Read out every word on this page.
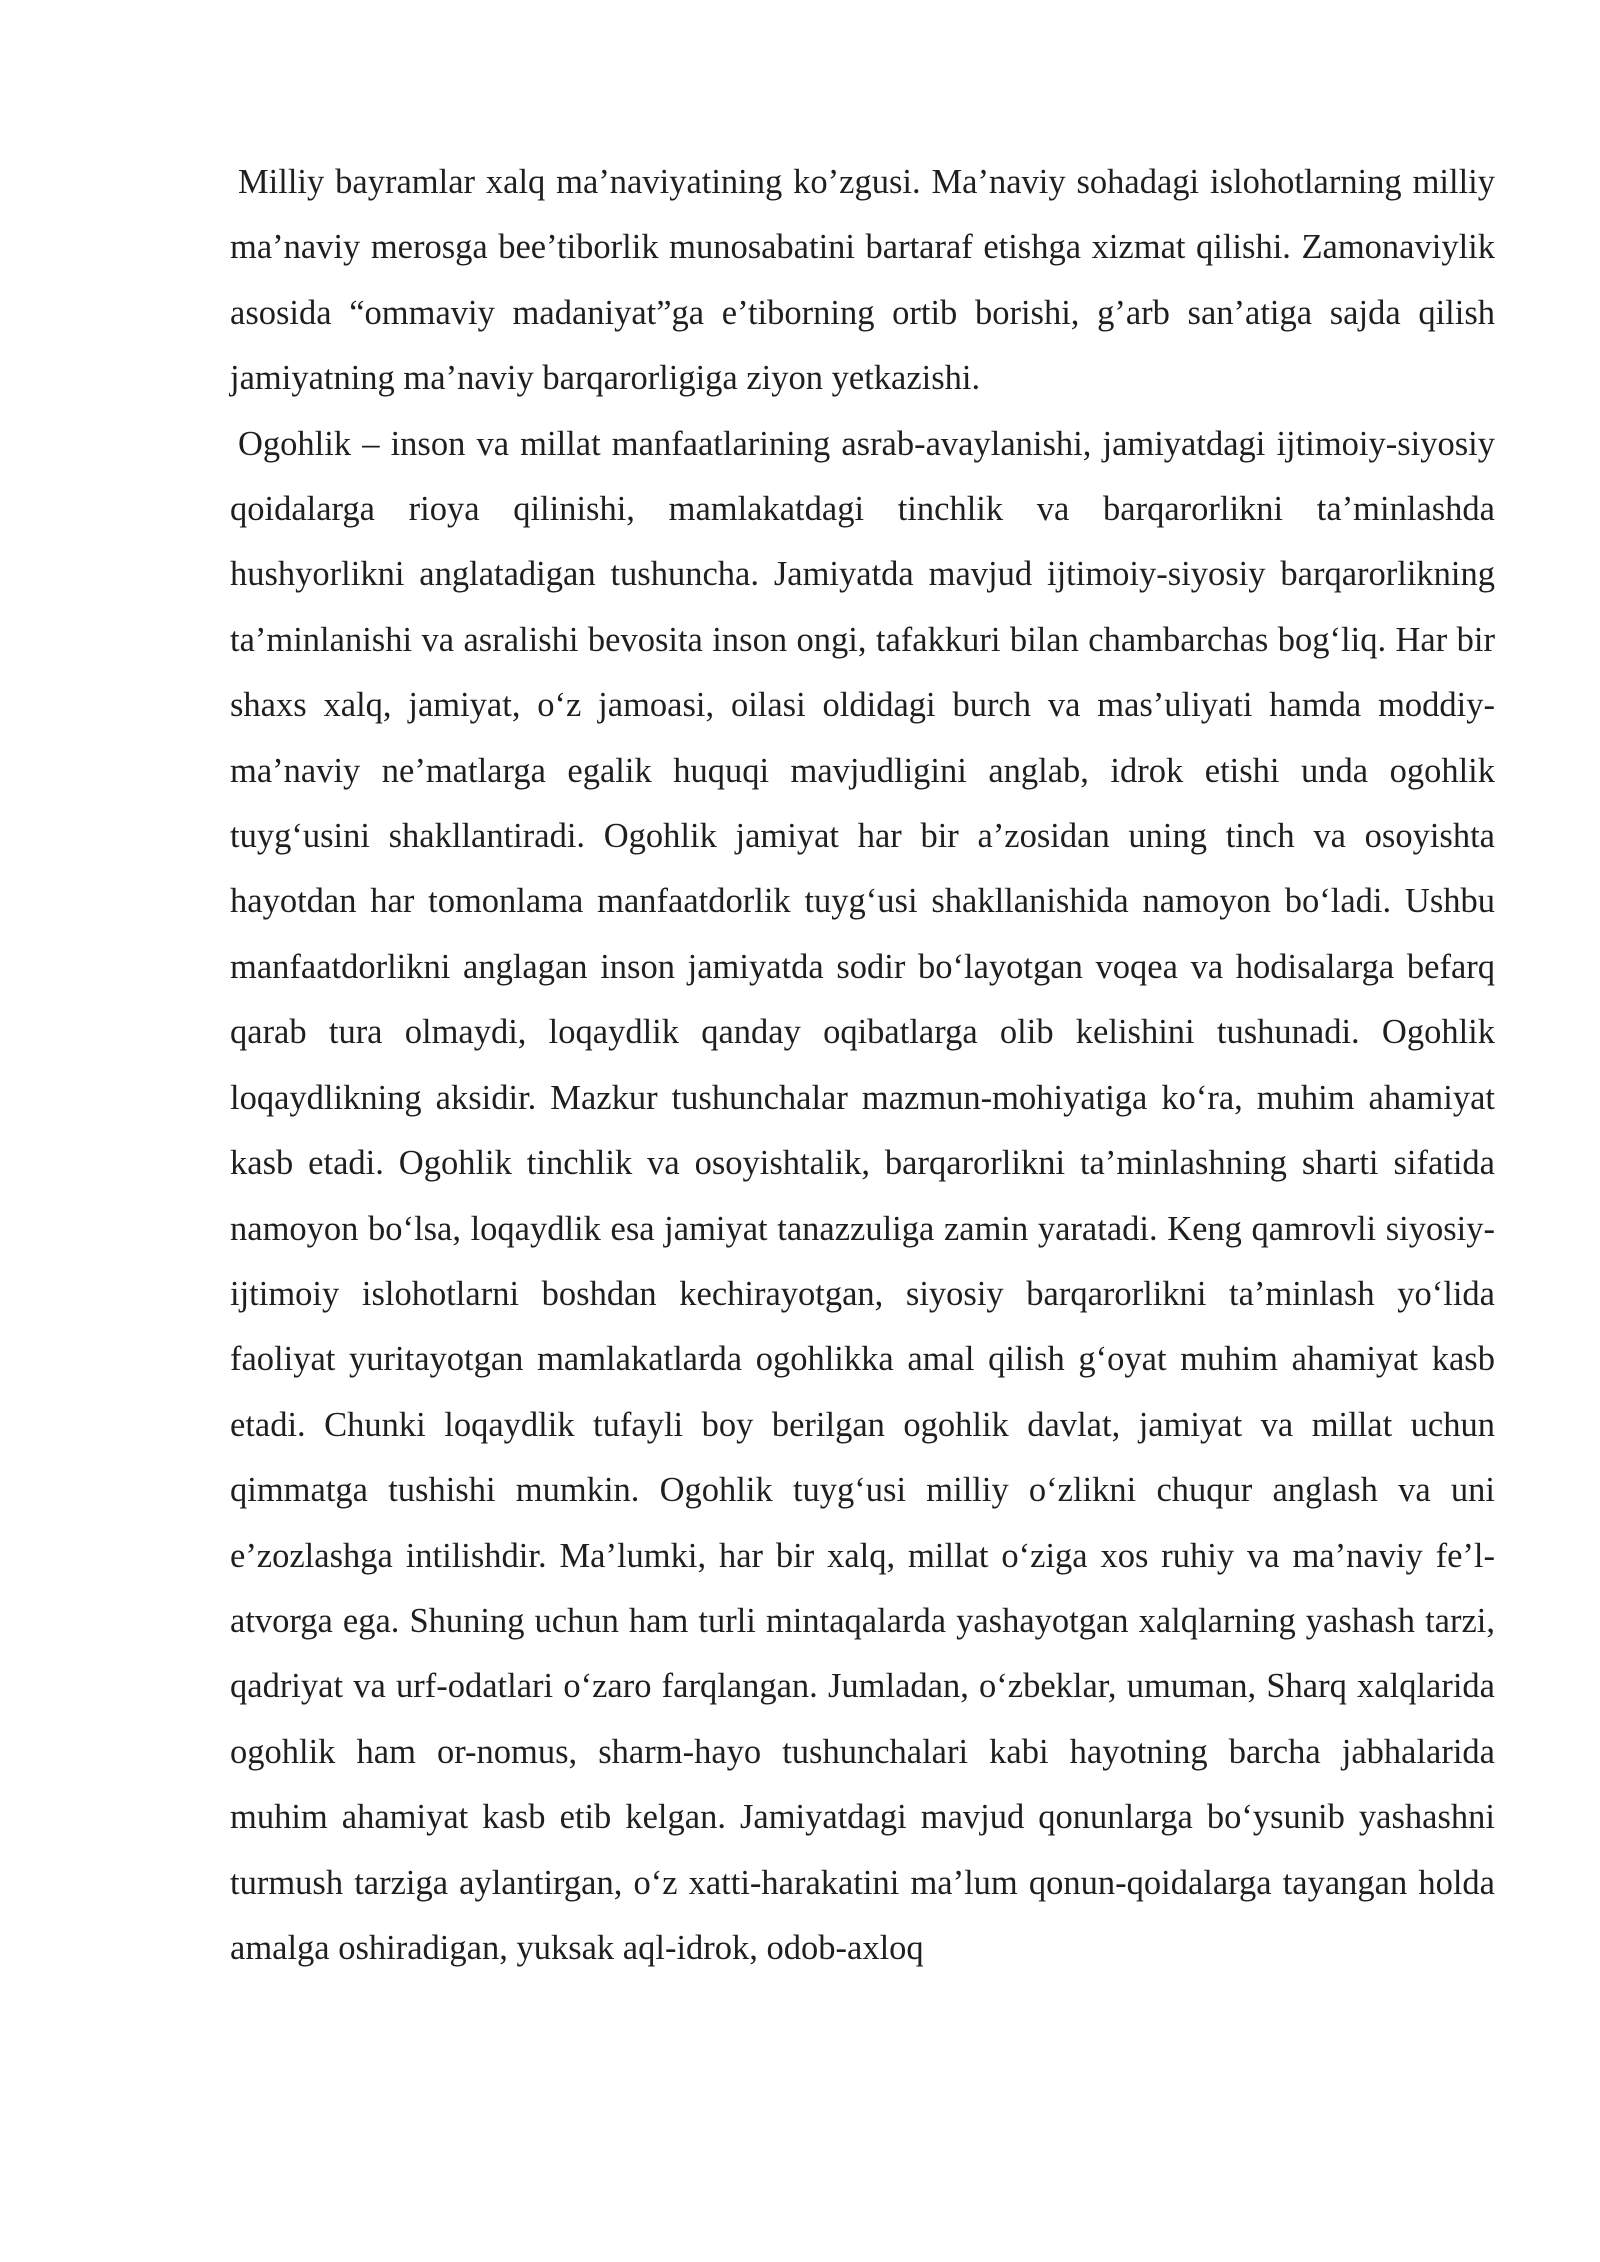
Milliy bayramlar xalq ma’naviyatining ko’zgusi. Ma’naviy sohadagi islohotlarning milliy ma’naviy merosga bee’tiborlik munosabatini bartaraf etishga xizmat qilishi. Zamonaviylik asosida “ommaviy madaniyat”ga e’tiborning ortib borishi, g’arb san’atiga sajda qilish jamiyatning ma’naviy barqarorligiga ziyon yetkazishi.

Ogohlik – inson va millat manfaatlarining asrab-avaylanishi, jamiyatdagi ijtimoiy-siyosiy qoidalarga rioya qilinishi, mamlakatdagi tinchlik va barqarorlikni ta’minlashda hushyorlikni anglatadigan tushuncha. Jamiyatda mavjud ijtimoiy-siyosiy barqarorlikning ta’minlanishi va asralishi bevosita inson ongi, tafakkuri bilan chambarchas bog‘liq. Har bir shaxs xalq, jamiyat, o‘z jamoasi, oilasi oldidagi burch va mas’uliyati hamda moddiy-ma’naviy ne’matlarga egalik huquqi mavjudligini anglab, idrok etishi unda ogohlik tuyg‘usini shakllantiradi. Ogohlik jamiyat har bir a’zosidan uning tinch va osoyishta hayotdan har tomonlama manfaatdorlik tuyg‘usi shakllanishida namoyon bo‘ladi. Ushbu manfaatdorlikni anglagan inson jamiyatda sodir bo‘layotgan voqea va hodisalarga befarq qarab tura olmaydi, loqaydlik qanday oqibatlarga olib kelishini tushunadi. Ogohlik loqaydlikning aksidir. Mazkur tushunchalar mazmun-mohiyatiga ko‘ra, muhim ahamiyat kasb etadi. Ogohlik tinchlik va osoyishtalik, barqarorlikni ta’minlashning sharti sifatida namoyon bo‘lsa, loqaydlik esa jamiyat tanazzuliga zamin yaratadi. Keng qamrovli siyosiy-ijtimoiy islohotlarni boshdan kechirayotgan, siyosiy barqarorlikni ta’minlash yo‘lida faoliyat yuritayotgan mamlakatlarda ogohlikka amal qilish g‘oyat muhim ahamiyat kasb etadi. Chunki loqaydlik tufayli boy berilgan ogohlik davlat, jamiyat va millat uchun qimmatga tushishi mumkin. Ogohlik tuyg‘usi milliy o‘zlikni chuqur anglash va uni e’zozlashga intilishdir. Ma’lumki, har bir xalq, millat o‘ziga xos ruhiy va ma’naviy fe’l-atvorga ega. Shuning uchun ham turli mintaqalarda yashayotgan xalqlarning yashash tarzi, qadriyat va urf-odatlari o‘zaro farqlangan. Jumladan, o‘zbeklar, umuman, Sharq xalqlarida ogohlik ham or-nomus, sharm-hayo tushunchalari kabi hayotning barcha jabhalarida muhim ahamiyat kasb etib kelgan. Jamiyatdagi mavjud qonunlarga bo‘ysunib yashashni turmush tarziga aylantirgan, o‘z xatti-harakatini ma’lum qonun-qoidalarga tayangan holda amalga oshiradigan, yuksak aql-idrok, odob-axloq
